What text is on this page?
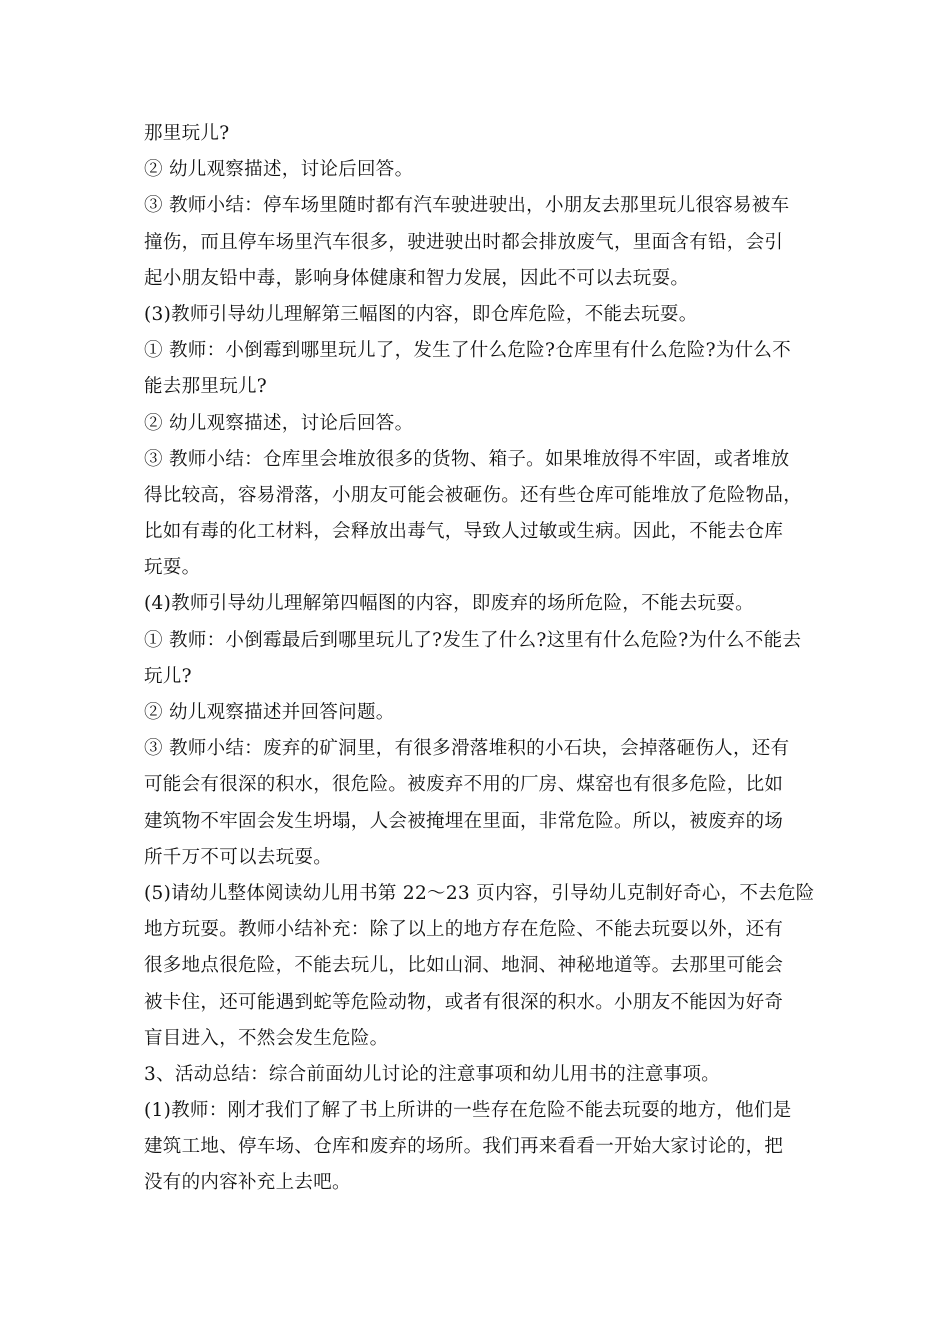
那里玩儿?
② 幼儿观察描述，讨论后回答。
③ 教师小结：停车场里随时都有汽车驶进驶出，小朋友去那里玩儿很容易被车
撞伤，而且停车场里汽车很多，驶进驶出时都会排放废气，里面含有铅，会引
起小朋友铅中毒，影响身体健康和智力发展，因此不可以去玩耍。
(3)教师引导幼儿理解第三幅图的内容，即仓库危险，不能去玩耍。
① 教师：小倒霉到哪里玩儿了，发生了什么危险?仓库里有什么危险?为什么不
能去那里玩儿?
② 幼儿观察描述，讨论后回答。
③ 教师小结：仓库里会堆放很多的货物、箱子。如果堆放得不牢固，或者堆放
得比较高，容易滑落，小朋友可能会被砸伤。还有些仓库可能堆放了危险物品，
比如有毒的化工材料，会释放出毒气，导致人过敏或生病。因此，不能去仓库
玩耍。
(4)教师引导幼儿理解第四幅图的内容，即废弃的场所危险，不能去玩耍。
① 教师：小倒霉最后到哪里玩儿了?发生了什么?这里有什么危险?为什么不能去
玩儿?
② 幼儿观察描述并回答问题。
③ 教师小结：废弃的矿洞里，有很多滑落堆积的小石块，会掉落砸伤人，还有
可能会有很深的积水，很危险。被废弃不用的厂房、煤窑也有很多危险，比如
建筑物不牢固会发生坍塌，人会被掩埋在里面，非常危险。所以，被废弃的场
所千万不可以去玩耍。
(5)请幼儿整体阅读幼儿用书第 22～23 页内容，引导幼儿克制好奇心，不去危险
地方玩耍。教师小结补充：除了以上的地方存在危险、不能去玩耍以外，还有
很多地点很危险，不能去玩儿，比如山洞、地洞、神秘地道等。去那里可能会
被卡住，还可能遇到蛇等危险动物，或者有很深的积水。小朋友不能因为好奇
盲目进入，不然会发生危险。
3、活动总结：综合前面幼儿讨论的注意事项和幼儿用书的注意事项。
(1)教师：刚才我们了解了书上所讲的一些存在危险不能去玩耍的地方，他们是
建筑工地、停车场、仓库和废弃的场所。我们再来看看一开始大家讨论的，把
没有的内容补充上去吧。
